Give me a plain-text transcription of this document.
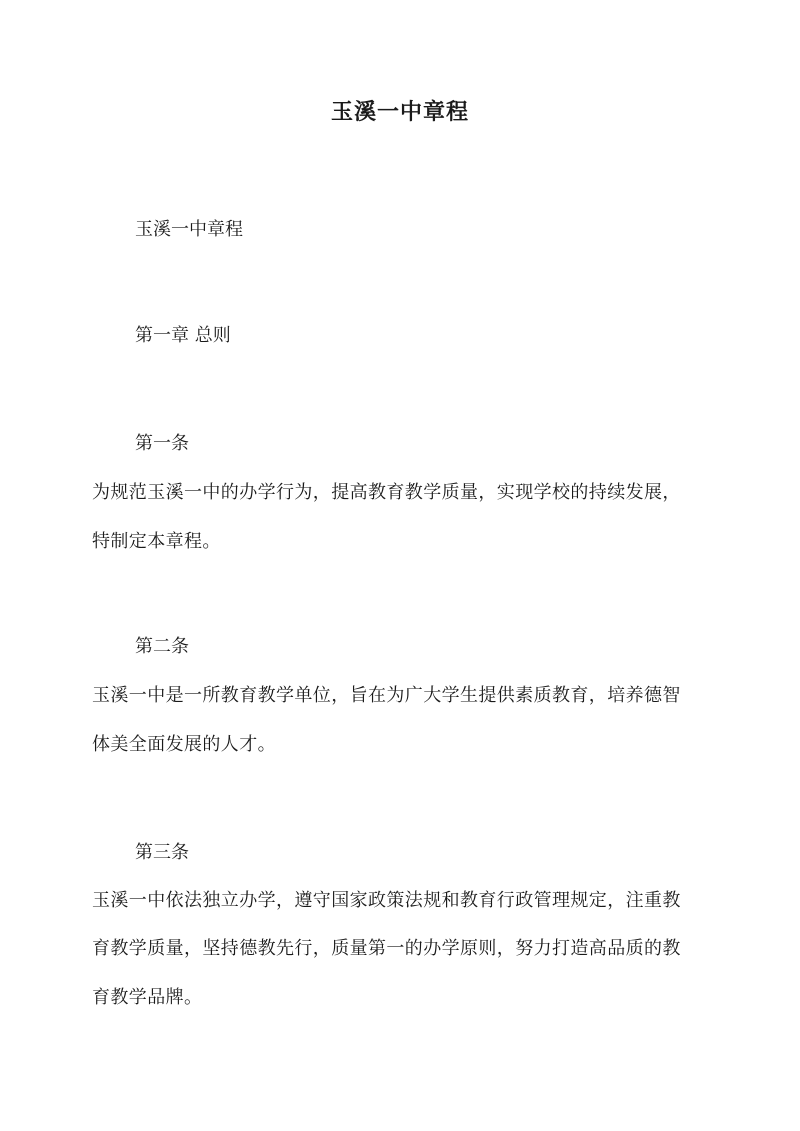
玉溪一中章程
玉溪一中章程
第一章 总则
第一条
为规范玉溪一中的办学行为，提高教育教学质量，实现学校的持续发展，
特制定本章程。
第二条
玉溪一中是一所教育教学单位，旨在为广大学生提供素质教育，培养德智
体美全面发展的人才。
第三条
玉溪一中依法独立办学，遵守国家政策法规和教育行政管理规定，注重教
育教学质量，坚持德教先行，质量第一的办学原则，努力打造高品质的教
育教学品牌。
